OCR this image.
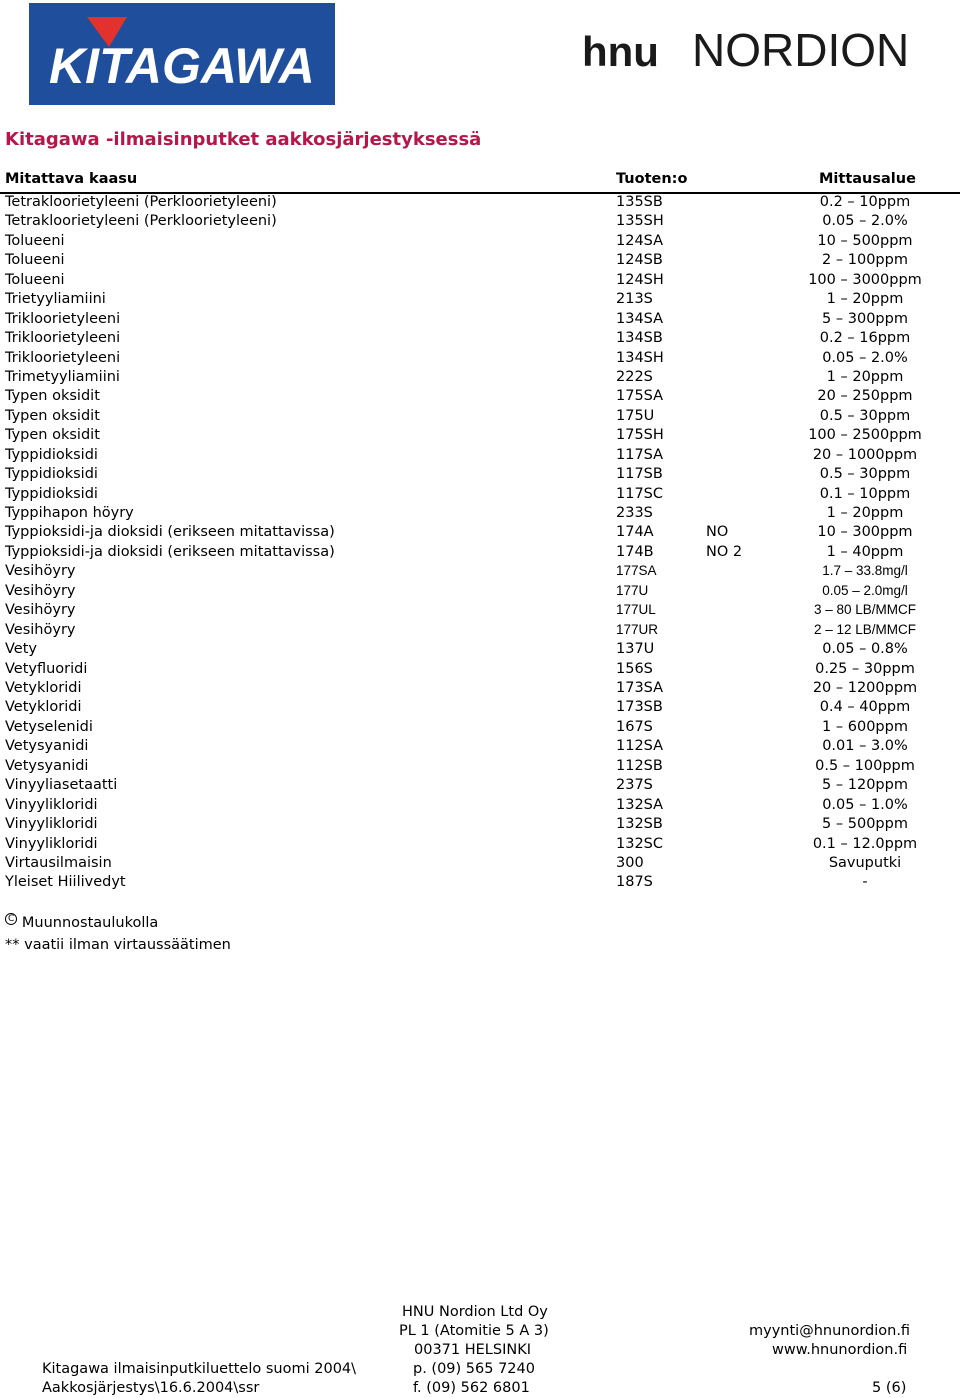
KITAGAWA	hnu NORDION
Kitagawa -ilmaisinputket aakkosjärjestyksessä
Mitattava kaasu	Tuoten:o	Mittausalue
Tetrakloorietyleeni (Perkloorietyleeni)	135SB	0.2 – 10ppm
Tetrakloorietyleeni (Perkloorietyleeni)	135SH	0.05 – 2.0%
Tolueeni	124SA	10 – 500ppm
Tolueeni	124SB	2 – 100ppm
Tolueeni	124SH	100 – 3000ppm
Trietyyliamiini	213S	1 – 20ppm
Trikloorietyleeni	134SA	5 – 300ppm
Trikloorietyleeni	134SB	0.2 – 16ppm
Trikloorietyleeni	134SH	0.05 – 2.0%
Trimetyyliamiini	222S	1 – 20ppm
Typen oksidit	175SA	20 – 250ppm
Typen oksidit	175U	0.5 – 30ppm
Typen oksidit	175SH	100 – 2500ppm
Typpidioksidi	117SA	20 – 1000ppm
Typpidioksidi	117SB	0.5 – 30ppm
Typpidioksidi	117SC	0.1 – 10ppm
Typpihapon höyry	233S	1 – 20ppm
Typpioksidi-ja dioksidi (erikseen mitattavissa)	174A	NO	10 – 300ppm
Typpioksidi-ja dioksidi (erikseen mitattavissa)	174B	NO 2	1 – 40ppm
Vesihöyry	177SA	1.7 – 33.8mg/l
Vesihöyry	177U	0.05 – 2.0mg/l
Vesihöyry	177UL	3 – 80 LB/MMCF
Vesihöyry	177UR	2 – 12 LB/MMCF
Vety	137U	0.05 – 0.8%
Vetyfluoridi	156S	0.25 – 30ppm
Vetykloridi	173SA	20 – 1200ppm
Vetykloridi	173SB	0.4 – 40ppm
Vetyselenidi	167S	1 – 600ppm
Vetysyanidi	112SA	0.01 – 3.0%
Vetysyanidi	112SB	0.5 – 100ppm
Vinyyliasetaatti	237S	5 – 120ppm
Vinyylikloridi	132SA	0.05 – 1.0%
Vinyylikloridi	132SB	5 – 500ppm
Vinyylikloridi	132SC	0.1 – 12.0ppm
Virtausilmaisin	300	Savuputki
Yleiset Hiilivedyt	187S	-
$^C$ Muunnostaulukolla
** vaatii ilman virtaussäätimen
HNU Nordion Ltd Oy
PL 1 (Atomitie 5 A 3)
00371 HELSINKI
p. (09) 565 7240
f. (09) 562 6801
myynti@hnunordion.fi
www.hnunordion.fi
Kitagawa ilmaisinputkiluettelo suomi 2004\
Aakkosjärjestys\16.6.2004\ssr	5 (6)
